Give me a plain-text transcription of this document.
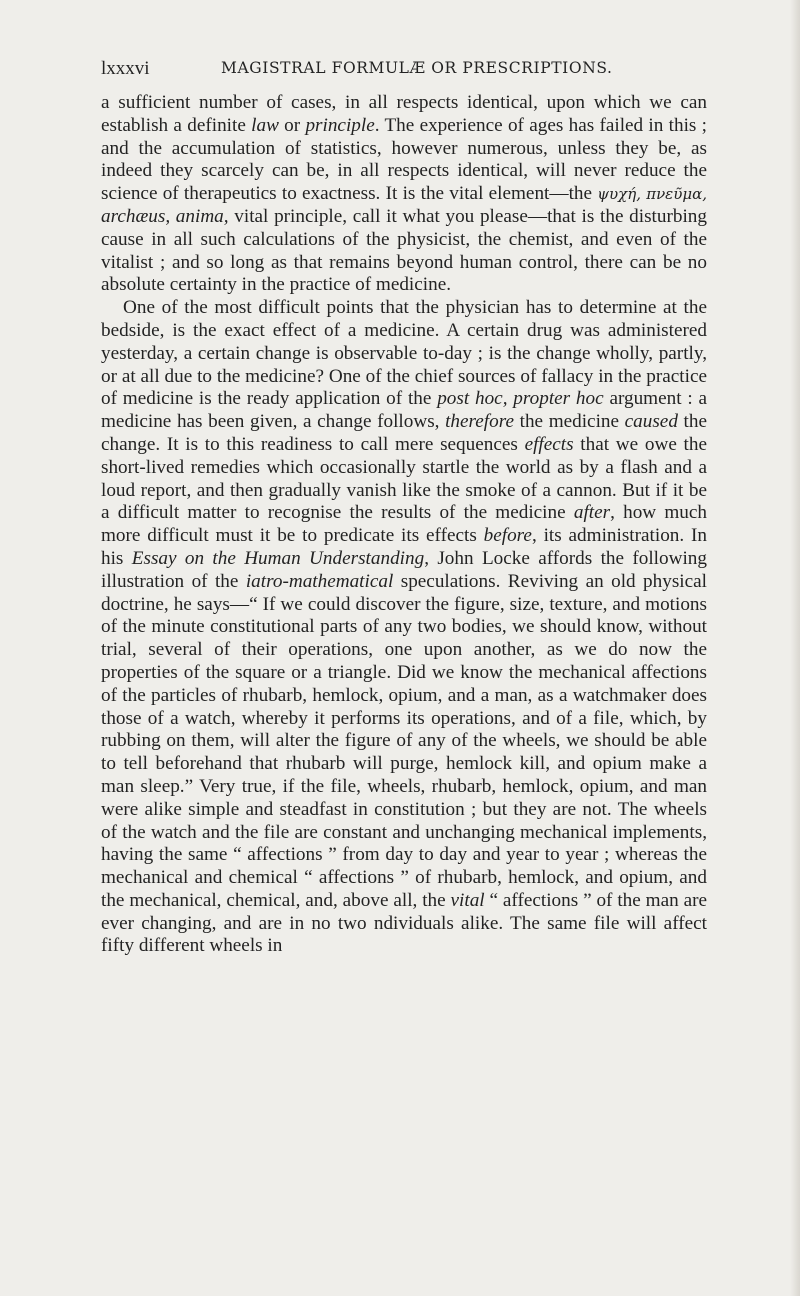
lxxxvi	MAGISTRAL FORMULÆ OR PRESCRIPTIONS.

a sufficient number of cases, in all respects identical, upon which we can establish a definite law or principle. The experience of ages has failed in this ; and the accumulation of statistics, however numerous, unless they be, as indeed they scarcely can be, in all respects identical, will never reduce the science of therapeutics to exactness. It is the vital element—the ψυχή, πνεῦμα, archæus, anima, vital principle, call it what you please—that is the disturbing cause in all such calculations of the physicist, the chemist, and even of the vitalist ; and so long as that remains beyond human control, there can be no absolute certainty in the practice of medicine.

One of the most difficult points that the physician has to determine at the bedside, is the exact effect of a medicine. A certain drug was administered yesterday, a certain change is observable to-day ; is the change wholly, partly, or at all due to the medicine? One of the chief sources of fallacy in the practice of medicine is the ready application of the post hoc, propter hoc argument : a medicine has been given, a change follows, therefore the medicine caused the change. It is to this readiness to call mere sequences effects that we owe the short-lived remedies which occasionally startle the world as by a flash and a loud report, and then gradually vanish like the smoke of a cannon. But if it be a difficult matter to recognise the results of the medicine after, how much more difficult must it be to predicate its effects before, its administration. In his Essay on the Human Understanding, John Locke affords the following illustration of the iatro-mathematical speculations. Reviving an old physical doctrine, he says—“ If we could discover the figure, size, texture, and motions of the minute constitutional parts of any two bodies, we should know, without trial, several of their operations, one upon another, as we do now the properties of the square or a triangle. Did we know the mechanical affections of the particles of rhubarb, hemlock, opium, and a man, as a watchmaker does those of a watch, whereby it performs its operations, and of a file, which, by rubbing on them, will alter the figure of any of the wheels, we should be able to tell beforehand that rhubarb will purge, hemlock kill, and opium make a man sleep.” Very true, if the file, wheels, rhubarb, hemlock, opium, and man were alike simple and steadfast in constitution ; but they are not. The wheels of the watch and the file are constant and unchanging mechanical implements, having the same “ affections ” from day to day and year to year ; whereas the mechanical and chemical “ affections ” of rhubarb, hemlock, and opium, and the mechanical, chemical, and, above all, the vital “ affections ” of the man are ever changing, and are in no two ndividuals alike. The same file will affect fifty different wheels in
